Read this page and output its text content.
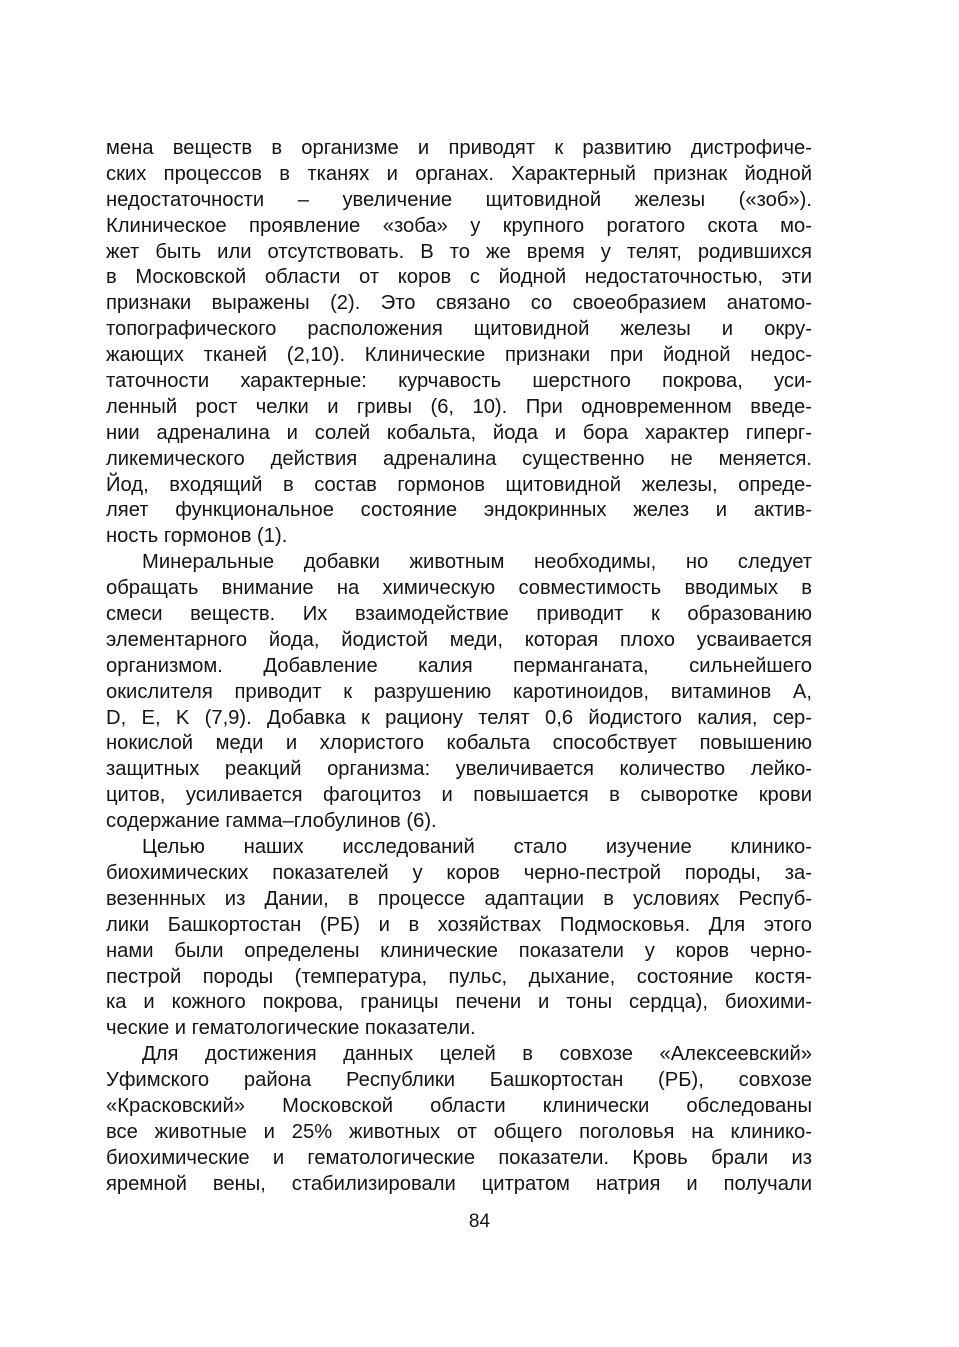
мена веществ в организме и приводят к развитию дистрофиче-
ских процессов в тканях и органах. Характерный признак йодной
недостаточности – увеличение щитовидной железы («зоб»).
Клиническое проявление «зоба» у крупного рогатого скота мо-
жет быть или отсутствовать. В то же время у телят, родившихся
в Московской области от коров с йодной недостаточностью, эти
признаки выражены (2). Это связано со своеобразием анатомо-
топографического расположения щитовидной железы и окру-
жающих тканей (2,10). Клинические признаки при йодной недос-
таточности характерные: курчавость шерстного покрова, уси-
ленный рост челки и гривы (6, 10). При одновременном введе-
нии адреналина и солей кобальта, йода и бора характер гиперг-
ликемического действия адреналина существенно не меняется.
Йод, входящий в состав гормонов щитовидной железы, опреде-
ляет функциональное состояние эндокринных желез и актив-
ность гормонов (1).
Минеральные добавки животным необходимы, но следует
обращать внимание на химическую совместимость вводимых в
смеси веществ. Их взаимодействие приводит к образованию
элементарного йода, йодистой меди, которая плохо усваивается
организмом. Добавление калия перманганата, сильнейшего
окислителя приводит к разрушению каротиноидов, витаминов А,
D, E, K (7,9). Добавка к рациону телят 0,6 йодистого калия, сер-
нокислой меди и хлористого кобальта способствует повышению
защитных реакций организма: увеличивается количество лейко-
цитов, усиливается фагоцитоз и повышается в сыворотке крови
содержание гамма–глобулинов (6).
Целью наших исследований стало изучение клинико-
биохимических показателей у коров черно-пестрой породы, за-
везеннных из Дании, в процессе адаптации в условиях Респуб-
лики Башкортостан (РБ) и в хозяйствах Подмосковья. Для этого
нами были определены клинические показатели у коров черно-
пестрой породы (температура, пульс, дыхание, состояние костя-
ка и кожного покрова, границы печени и тоны сердца), биохими-
ческие и гематологические показатели.
Для достижения данных целей в совхозе «Алексеевский»
Уфимского района Республики Башкортостан (РБ), совхозе
«Красковский» Московской области клинически обследованы
все животные и 25% животных от общего поголовья на клинико-
биохимические и гематологические показатели. Кровь брали из
яремной вены, стабилизировали цитратом натрия и получали
84
